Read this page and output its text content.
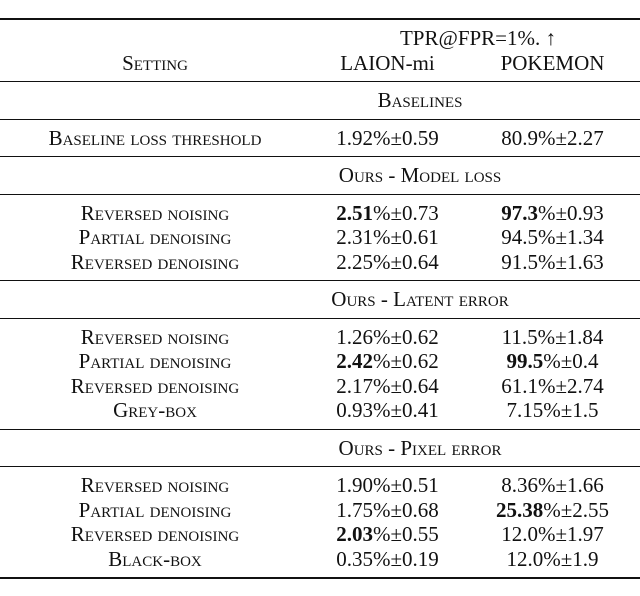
	TPR@FPR=1%. ↑	
Setting	LAION-mi	POKEMON
Baselines		
Baseline loss threshold	1.92%±0.59	80.9%±2.27
Ours - Model loss		
Reversed noising	2.51%±0.73	97.3%±0.93
Partial denoising	2.31%±0.61	94.5%±1.34
Reversed denoising	2.25%±0.64	91.5%±1.63
Ours - Latent error		
Reversed noising	1.26%±0.62	11.5%±1.84
Partial denoising	2.42%±0.62	99.5%±0.4
Reversed denoising	2.17%±0.64	61.1%±2.74
Grey-box	0.93%±0.41	7.15%±1.5
Ours - Pixel error		
Reversed noising	1.90%±0.51	8.36%±1.66
Partial denoising	1.75%±0.68	25.38%±2.55
Reversed denoising	2.03%±0.55	12.0%±1.97
Black-box	0.35%±0.19	12.0%±1.9
